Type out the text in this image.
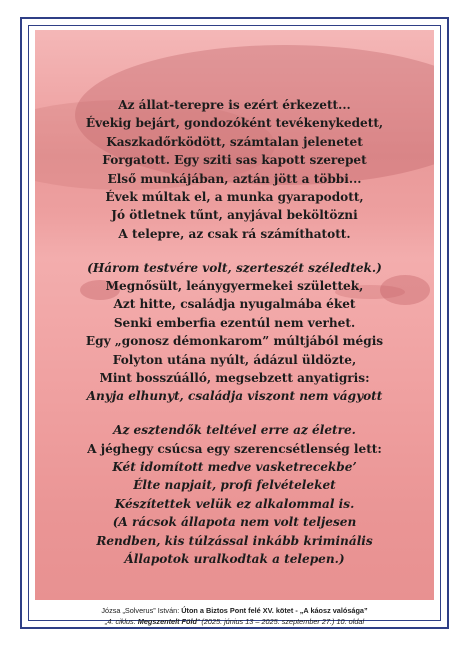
Az állat-terepre is ezért érkezett...
Évekig bejárt, gondozóként tevékenykedett,
Kaszkadőrködött, számtalan jelenetet
Forgatott. Egy sziti sas kapott szerepet
Első munkájában, aztán jött a többi...
Évek múltak el, a munka gyarapodott,
Jó ötletnek tűnt, anyjával beköltözni
A telepre, az csak rá számíthatott.
(Három testvére volt, szerteszét széledtek.)
Megnősült, leánygyermekei születtek,
Azt hitte, családja nyugalmába éket
Senki emberfia ezentúl nem verhet.
Egy „gonosz démonkarom” múltjából mégis
Folyton utána nyúlt, ádázul üldözte,
Mint bosszúálló, megsebzett anyatigris:
Anyja elhunyt, családja viszont nem vágyott
Az esztendők teltével erre az életre.
A jéghegy csúcsa egy szerencsétlenség lett:
Két idomított medve vasketrecekbe’
Élte napjait, profi felvételeket
Készítettek velük ez alkalommal is.
(A rácsok állapota nem volt teljesen
Rendben, kis túlzással inkább kriminális
Állapotok uralkodtak a telepen.)
Józsa „Solverus” István: Úton a Biztos Pont felé XV. kötet - „A káosz valósága”
„4. ciklus: Megszentelt Föld” (2025. június 13 – 2025. szeptember 27.) 10. oldal
